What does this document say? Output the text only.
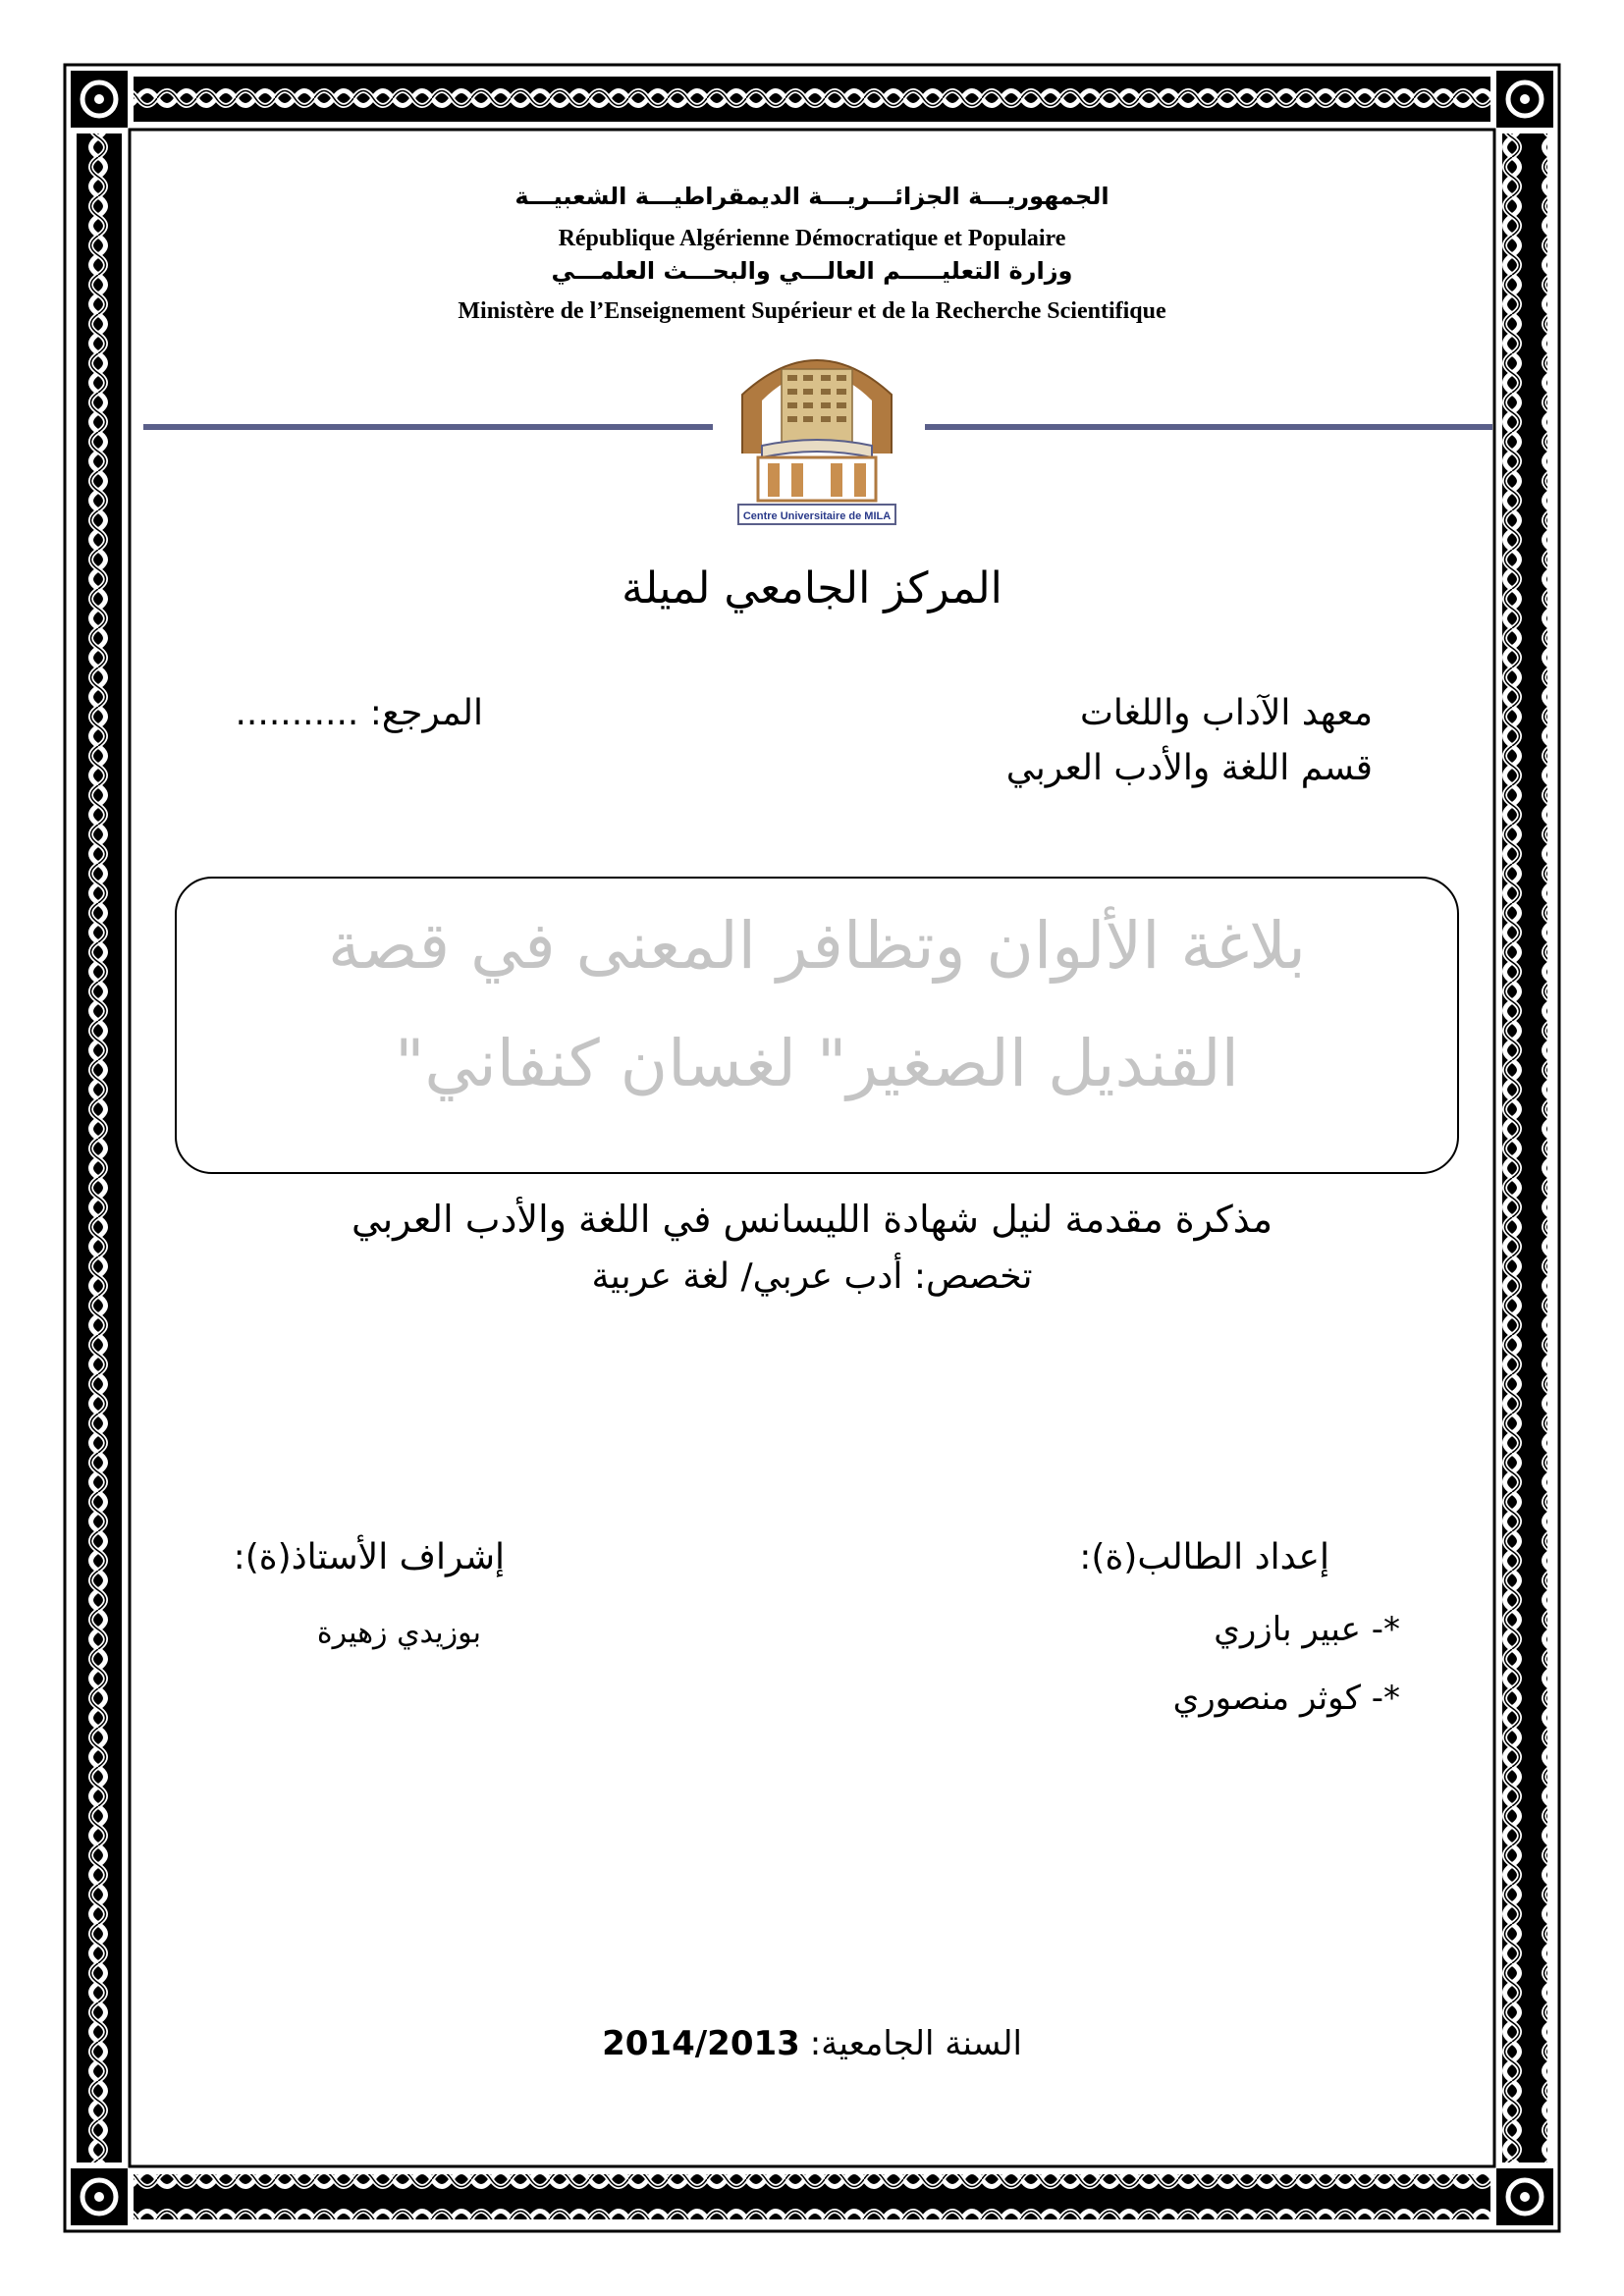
الجمهوريـــة الجزائـــريـــة الديمقراطيـــة الشعبيـــة
République Algérienne Démocratique et Populaire
وزارة التعليـــــم العالـــي والبحـــث العلمـــي
Ministère de l’Enseignement Supérieur et de la Recherche Scientifique
Centre Universitaire de MILA
المركز الجامعي لميلة
معهد الآداب واللغات
قسم اللغة والأدب العربي
المرجع: ...........
بلاغة الألوان وتظافر المعنى في قصة
القنديل الصغير" لغسان كنفاني"
مذكرة مقدمة لنيل شهادة الليسانس في اللغة والأدب العربي
تخصص: أدب عربي/ لغة عربية
إعداد الطالب(ة):
*- عبير بازري
*- كوثر منصوري
إشراف الأستاذ(ة):
بوزيدي زهيرة
السنة الجامعية:
2014/2013
